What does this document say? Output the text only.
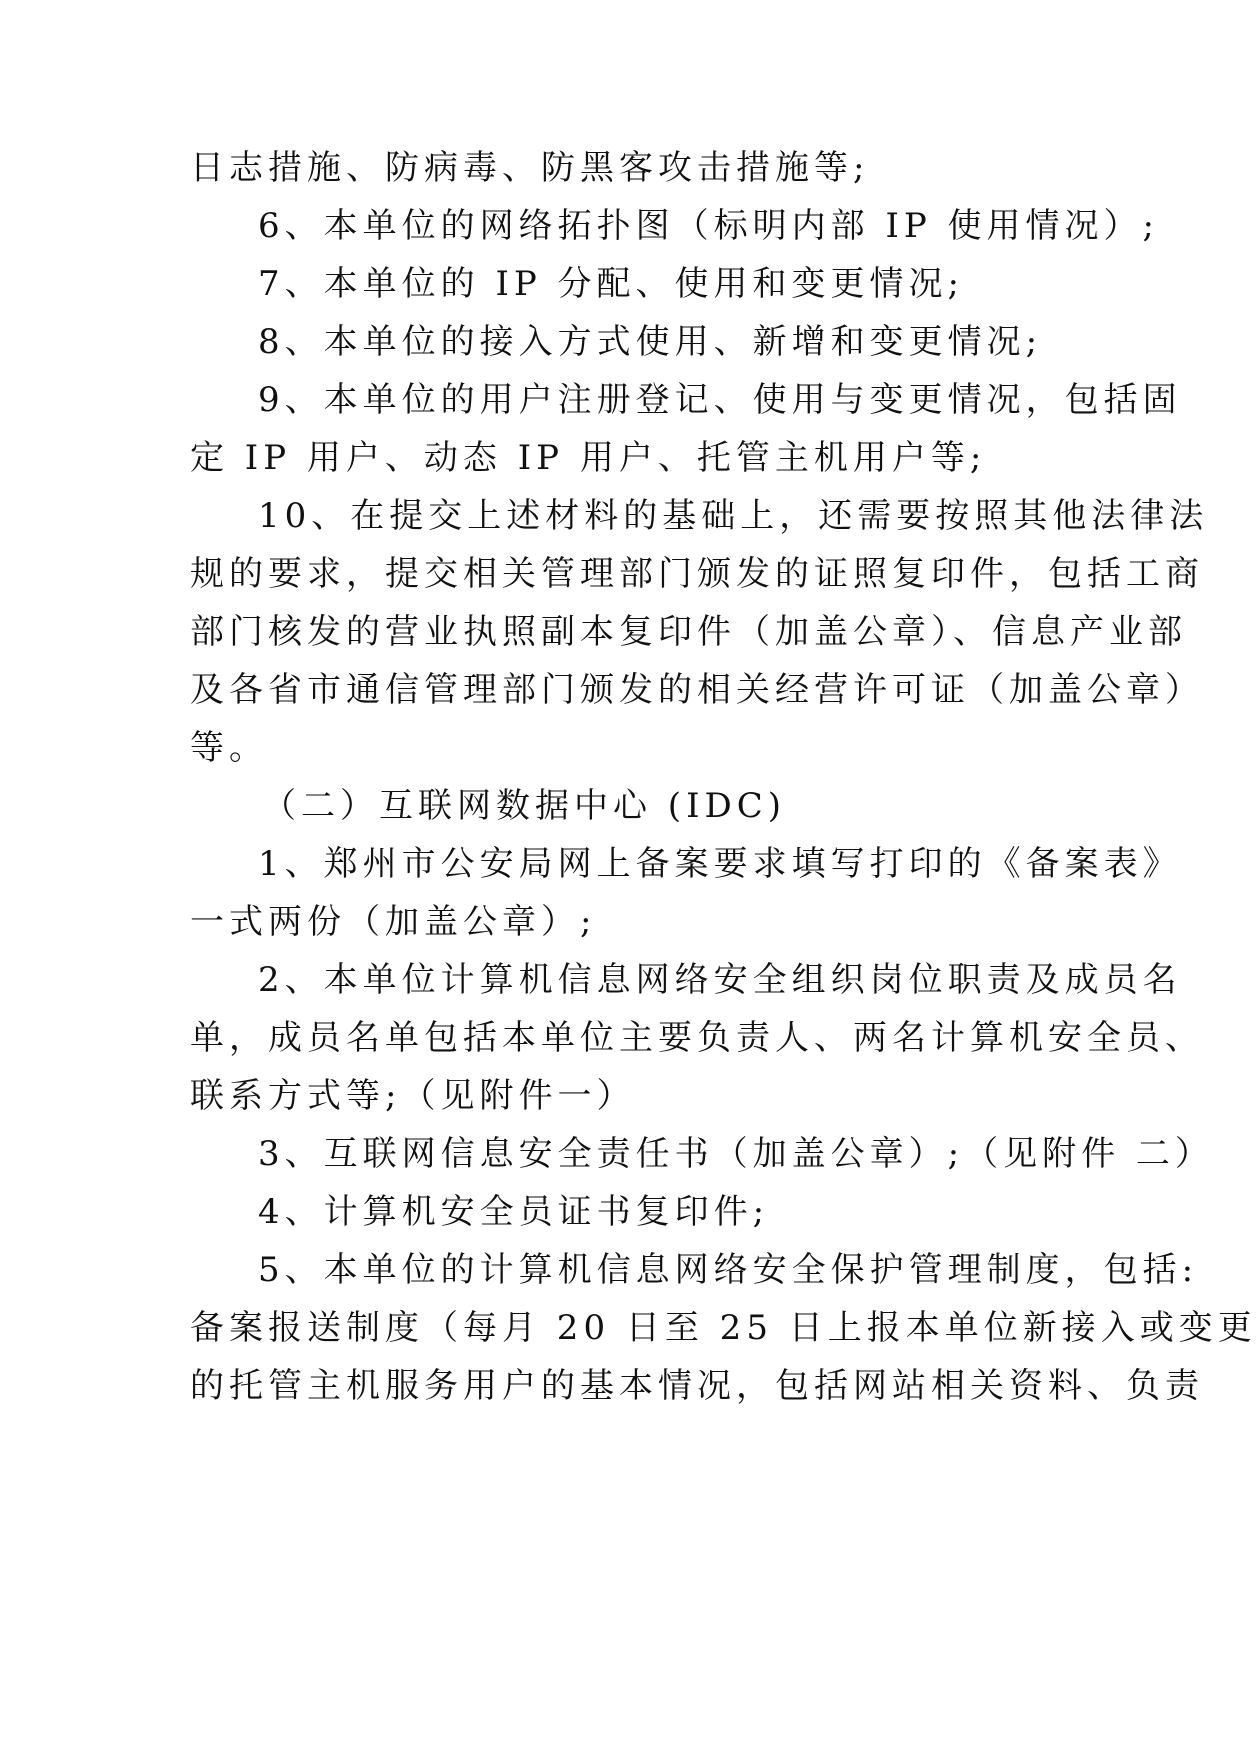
日志措施、防病毒、防黑客攻击措施等;
6、本单位的网络拓扑图（标明内部 IP 使用情况）;
7、本单位的 IP 分配、使用和变更情况;
8、本单位的接入方式使用、新增和变更情况;
9、本单位的用户注册登记、使用与变更情况，包括固
定 IP 用户、动态 IP 用户、托管主机用户等;
10、在提交上述材料的基础上，还需要按照其他法律法
规的要求，提交相关管理部门颁发的证照复印件，包括工商
部门核发的营业执照副本复印件（加盖公章）、信息产业部
及各省市通信管理部门颁发的相关经营许可证（加盖公章）
等。
（二）互联网数据中心 (IDC)
1、郑州市公安局网上备案要求填写打印的《备案表》
一式两份（加盖公章）;
2、本单位计算机信息网络安全组织岗位职责及成员名
单，成员名单包括本单位主要负责人、两名计算机安全员、
联系方式等;（见附件一）
3、互联网信息安全责任书（加盖公章）;（见附件 二）
4、计算机安全员证书复印件;
5、本单位的计算机信息网络安全保护管理制度，包括:
备案报送制度（每月 20 日至 25 日上报本单位新接入或变更
的托管主机服务用户的基本情况，包括网站相关资料、负责
